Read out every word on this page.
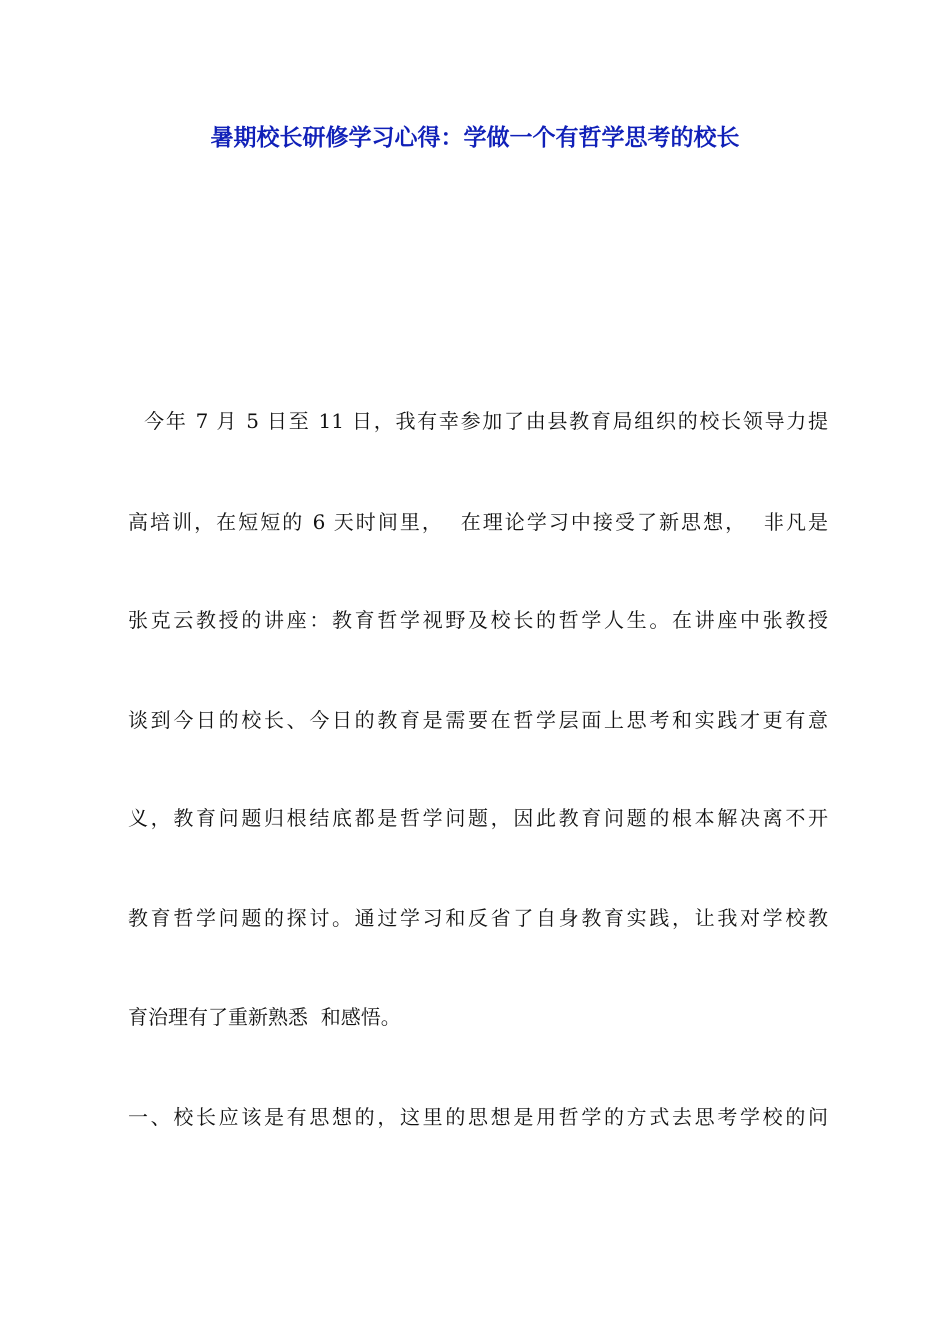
暑期校长研修学习心得：学做一个有哲学思考的校长
今年 7 月 5 日至 11 日，我有幸参加了由县教育局组织的校长领导力提
高培训，在短短的 6 天时间里，  在理论学习中接受了新思想，  非凡是
张克云教授的讲座：教育哲学视野及校长的哲学人生。在讲座中张教授
谈到今日的校长、今日的教育是需要在哲学层面上思考和实践才更有意
义，教育问题归根结底都是哲学问题，因此教育问题的根本解决离不开
教育哲学问题的探讨。通过学习和反省了自身教育实践，让我对学校教
育治理有了重新熟悉  和感悟。
一、校长应该是有思想的，这里的思想是用哲学的方式去思考学校的问
